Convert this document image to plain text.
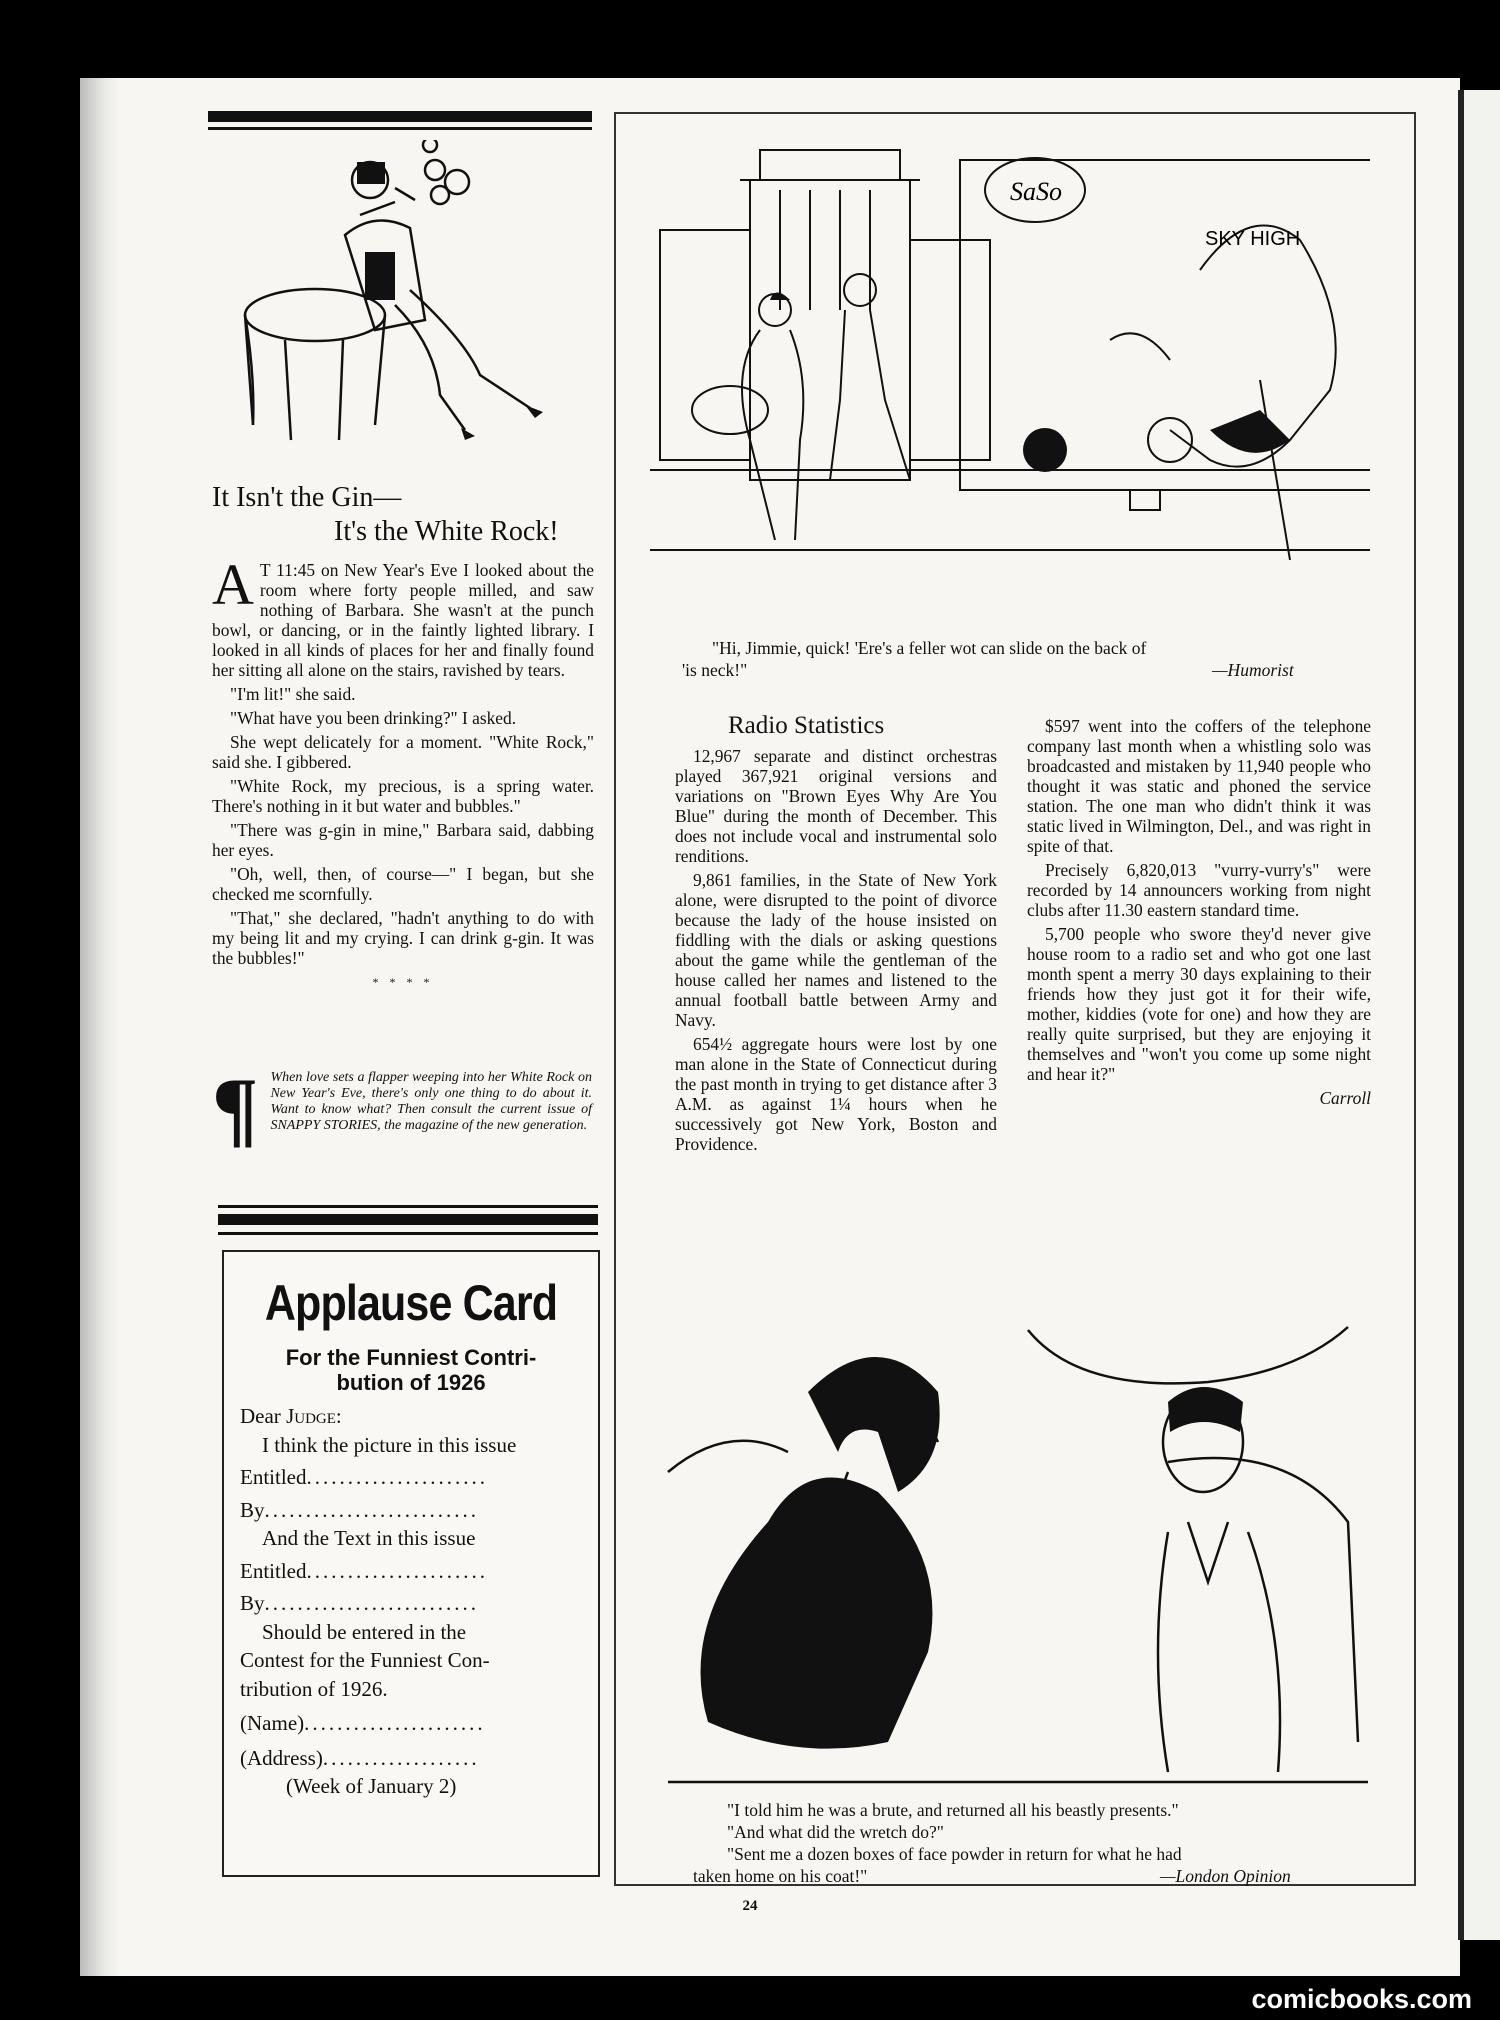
It Isn't the Gin—
It's the White Rock!

A T 11:45 on New Year's Eve I looked about the room where forty people milled, and saw nothing of Barbara. She wasn't at the punch bowl, or dancing, or in the faintly lighted library. I looked in all kinds of places for her and finally found her sitting all alone on the stairs, ravished by tears.

"I'm lit!" she said.

"What have you been drinking?" I asked.

She wept delicately for a moment. "White Rock," said she. I gibbered.

"White Rock, my precious, is a spring water. There's nothing in it but water and bubbles."

"There was g-gin in mine," Barbara said, dabbing her eyes.

"Oh, well, then, of course—" I began, but she checked me scornfully.

"That," she declared, "hadn't anything to do with my being lit and my crying. I can drink g-gin. It was the bubbles!"

* * * *

¶ When love sets a flapper weeping into her White Rock on New Year's Eve, there's only one thing to do about it. Want to know what? Then consult the current issue of SNAPPY STORIES, the magazine of the new generation.

Applause Card
For the Funniest Contri-
bution of 1926
Dear Judge:
I think the picture in this issue
Entitled......................
By..........................
And the Text in this issue
Entitled......................
By..........................
Should be entered in the
Contest for the Funniest Con-
tribution of 1926.
(Name)......................
(Address)...................
(Week of January 2)
SaSo
SKY HIGH
"Hi, Jimmie, quick! 'Ere's a feller wot can slide on the back of
'is neck!"	—Humorist
Radio Statistics

12,967 separate and distinct orchestras played 367,921 original versions and variations on "Brown Eyes Why Are You Blue" during the month of December. This does not include vocal and instrumental solo renditions.

9,861 families, in the State of New York alone, were disrupted to the point of divorce because the lady of the house insisted on fiddling with the dials or asking questions about the game while the gentleman of the house called her names and listened to the annual football battle between Army and Navy.

654½ aggregate hours were lost by one man alone in the State of Connecticut during the past month in trying to get distance after 3 A.M. as against 1¼ hours when he successively got New York, Boston and Providence.

$597 went into the coffers of the telephone company last month when a whistling solo was broadcasted and mistaken by 11,940 people who thought it was static and phoned the service station. The one man who didn't think it was static lived in Wilmington, Del., and was right in spite of that.

Precisely 6,820,013 "vurry-vurry's" were recorded by 14 announcers working from night clubs after 11.30 eastern standard time.

5,700 people who swore they'd never give house room to a radio set and who got one last month spent a merry 30 days explaining to their friends how they just got it for their wife, mother, kiddies (vote for one) and how they are really quite surprised, but they are enjoying it themselves and "won't you come up some night and hear it?"

Carroll

"I told him he was a brute, and returned all his beastly presents."
"And what did the wretch do?"
"Sent me a dozen boxes of face powder in return for what he had
taken home on his coat!"	—London Opinion
24
comicbooks.com
